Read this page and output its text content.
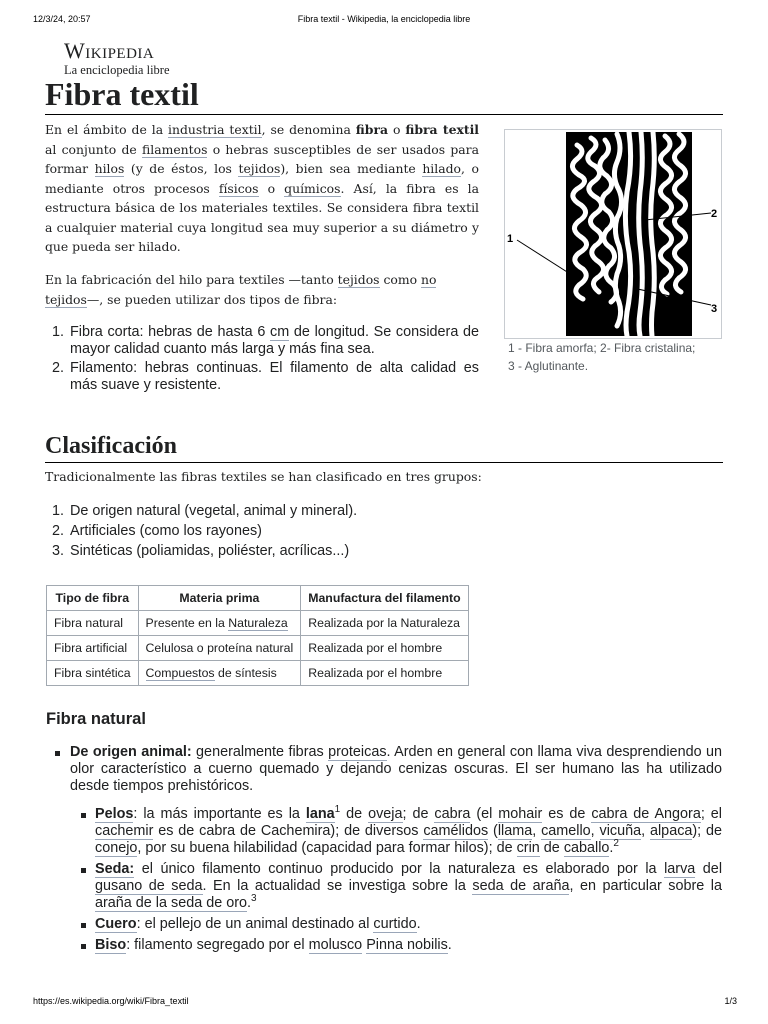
12/3/24, 20:57	Fibra textil - Wikipedia, la enciclopedia libre
Wikipedia
La enciclopedia libre
Fibra textil

En el ámbito de la industria textil, se denomina fibra o fibra textil al conjunto de filamentos o hebras susceptibles de ser usados para formar hilos (y de éstos, los tejidos), bien sea mediante hilado, o mediante otros procesos físicos o químicos. Así, la fibra es la estructura básica de los materiales textiles. Se considera fibra textil a cualquier material cuya longitud sea muy superior a su diámetro y que pueda ser hilado.

En la fabricación del hilo para textiles —tanto tejidos como no
tejidos—, se pueden utilizar dos tipos de fibra:

1. Fibra corta: hebras de hasta 6 cm de longitud. Se considera de mayor calidad cuanto más larga y más fina sea.
2. Filamento: hebras continuas. El filamento de alta calidad es más suave y resistente.
1
2
3
1 - Fibra amorfa; 2- Fibra cristalina;
3 - Aglutinante.
Clasificación

Tradicionalmente las fibras textiles se han clasificado en tres grupos:

1. De origen natural (vegetal, animal y mineral).
2. Artificiales (como los rayones)
3. Sintéticas (poliamidas, poliéster, acrílicas...)
Tipo de fibra	Materia prima	Manufactura del filamento
Fibra natural	Presente en la Naturaleza	Realizada por la Naturaleza
Fibra artificial	Celulosa o proteína natural	Realizada por el hombre
Fibra sintética	Compuestos de síntesis	Realizada por el hombre
Fibra natural
De origen animal: generalmente fibras proteicas. Arden en general con llama viva desprendiendo un olor característico a cuerno quemado y dejando cenizas oscuras. El ser humano las ha utilizado desde tiempos prehistóricos.
Pelos: la más importante es la lana$^1$ de oveja; de cabra (el mohair es de cabra de Angora; el cachemir es de cabra de Cachemira); de diversos camélidos (llama, camello, vicuña, alpaca); de conejo, por su buena hilabilidad (capacidad para formar hilos); de crin de caballo.$^2$
Seda: el único filamento continuo producido por la naturaleza es elaborado por la larva del gusano de seda. En la actualidad se investiga sobre la seda de araña, en particular sobre la araña de la seda de oro.$^3$
Cuero: el pellejo de un animal destinado al curtido.
Biso: filamento segregado por el molusco Pinna nobilis.
https://es.wikipedia.org/wiki/Fibra_textil	1/3
